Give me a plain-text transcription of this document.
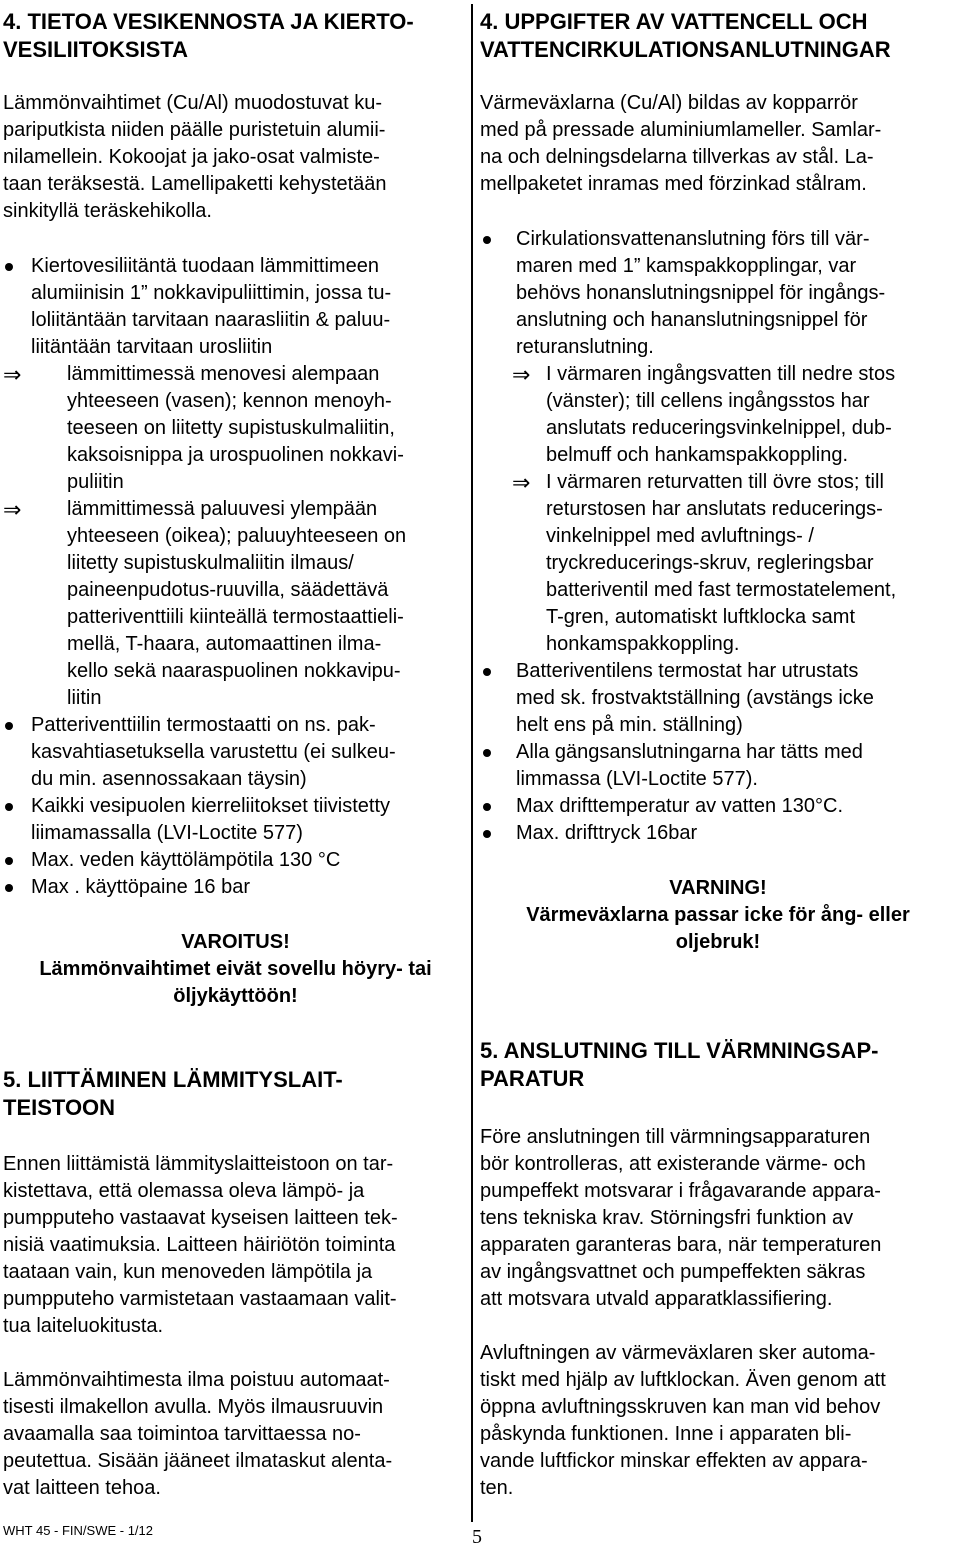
4. TIETOA VESIKENNOSTA JA KIERTO-
VESILIITOKSISTA
Lämmönvaihtimet (Cu/Al) muodostuvat ku-
pariputkista niiden päälle puristetuin alumii-
nilamellein. Kokoojat ja jako-osat valmiste-
taan teräksestä. Lamellipaketti kehystetään
sinkityllä teräskehikolla.
Kiertovesiliitäntä tuodaan lämmittimeen
alumiinisin 1” nokkavipuliittimin, jossa tu-
loliitäntään tarvitaan naarasliitin & paluu-
liitäntään tarvitaan urosliitin
⇒ lämmittimessä menovesi alempaan
yhteeseen (vasen); kennon menoyh-
teeseen on liitetty supistuskulmaliitin,
kaksoisnippa ja urospuolinen nokkavi-
puliitin
⇒ lämmittimessä paluuvesi ylempään
yhteeseen (oikea); paluuyhteeseen on
liitetty supistuskulmaliitin ilmaus/
paineenpudotus-ruuvilla, säädettävä
patteriventtiili kiinteällä termostaattieli-
mellä, T-haara, automaattinen ilma-
kello sekä naaraspuolinen nokkavipu-
liitin
Patteriventtiilin termostaatti on ns. pak-
kasvahtiasetuksella varustettu (ei sulkeu-
du min. asennossakaan täysin)
Kaikki vesipuolen kierreliitokset tiivistetty
liimamassalla (LVI-Loctite 577)
Max. veden käyttölämpötila 130 °C
Max . käyttöpaine 16 bar
VAROITUS!
Lämmönvaihtimet eivät sovellu höyry- tai
öljykäyttöön!
5. LIITTÄMINEN LÄMMITYSLAIT-
TEISTOON
Ennen liittämistä lämmityslaitteistoon on tar-
kistettava, että olemassa oleva lämpö- ja
pumpputeho vastaavat kyseisen laitteen tek-
nisiä vaatimuksia. Laitteen häiriötön toiminta
taataan vain, kun menoveden lämpötila ja
pumpputeho varmistetaan vastaamaan valit-
tua laiteluokitusta.
Lämmönvaihtimesta ilma poistuu automaat-
tisesti ilmakellon avulla. Myös ilmausruuvin
avaamalla saa toimintoa tarvittaessa no-
peutettua. Sisään jääneet ilmataskut alenta-
vat laitteen tehoa.
4. UPPGIFTER AV VATTENCELL OCH
VATTENCIRKULATIONSANLUTNINGAR
Värmeväxlarna (Cu/Al) bildas av kopparrör
med på pressade aluminiumlameller. Samlar-
na och delningsdelarna tillverkas av stål. La-
mellpaketet inramas med förzinkad stålram.
Cirkulationsvattenanslutning förs till vär-
maren med 1” kamspakkopplingar, var
behövs honanslutningsnippel för ingångs-
anslutning och hananslutningsnippel för
returanslutning.
⇒ I värmaren ingångsvatten till nedre stos
(vänster); till cellens ingångsstos har
anslutats reduceringsvinkelnippel, dub-
belmuff och hankamspakkoppling.
⇒ I värmaren returvatten till övre stos; till
returstosen har anslutats reducerings-
vinkelnippel med avluftnings- /
tryckreducerings-skruv, regleringsbar
batteriventil med fast termostatelement,
T-gren, automatiskt luftklocka samt
honkamspakkoppling.
Batteriventilens termostat har utrustats
med sk. frostvaktställning (avstängs icke
helt ens på min. ställning)
Alla gängsanslutningarna har tätts med
limmassa (LVI-Loctite 577).
Max drifttemperatur av vatten 130°C.
Max. drifttryck 16bar
VARNING!
Värmeväxlarna passar icke för ång- eller
oljebruk!
5. ANSLUTNING TILL VÄRMNINGSAP-
PARATUR
Före anslutningen till värmningsapparaturen
bör kontrolleras, att existerande värme- och
pumpeffekt motsvarar i frågavarande appara-
tens tekniska krav. Störningsfri funktion av
apparaten garanteras bara, när temperaturen
av ingångsvattnet och pumpeffekten säkras
att motsvara utvald apparatklassifiering.
Avluftningen av värmeväxlaren sker automa-
tiskt med hjälp av luftklockan. Även genom att
öppna avluftningsskruven kan man vid behov
påskynda funktionen. Inne i apparaten bli-
vande luftfickor minskar effekten av appara-
ten.
WHT 45 - FIN/SWE - 1/12	5
